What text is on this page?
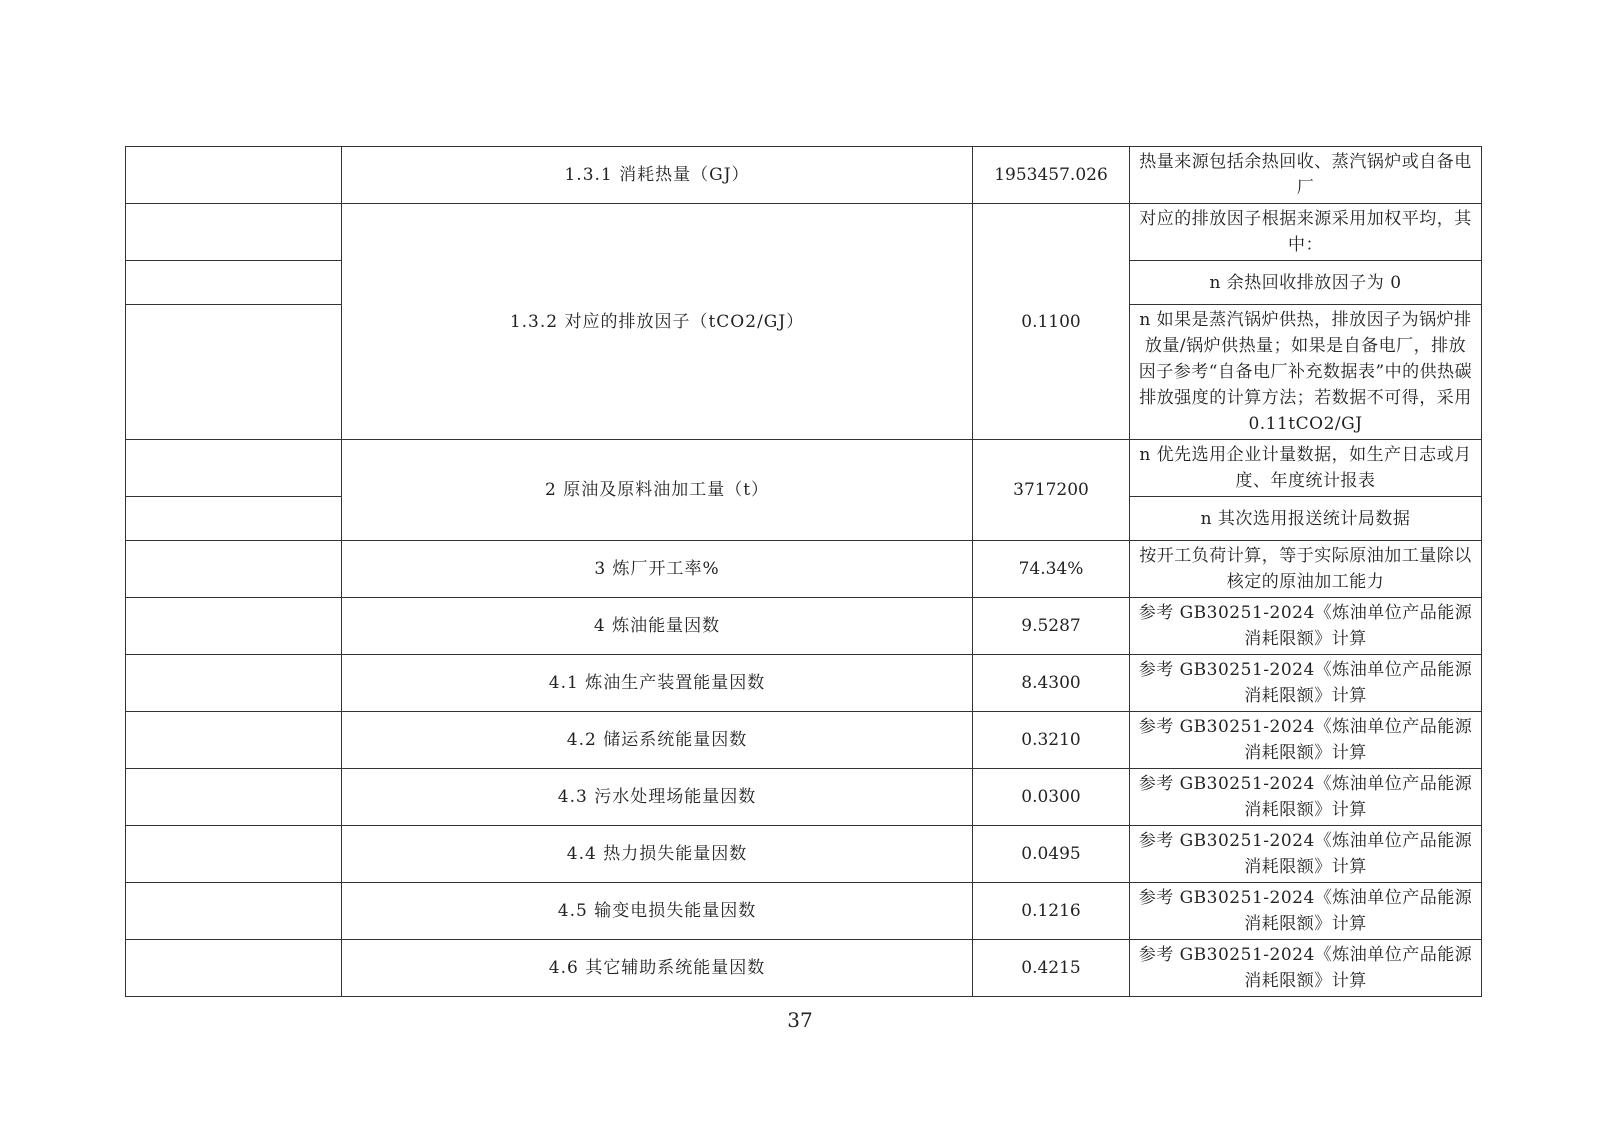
	1.3.1 消耗热量（GJ）	1953457.026	热量来源包括余热回收、蒸汽锅炉或自备电厂
	1.3.2 对应的排放因子（tCO2/GJ）	0.1100	对应的排放因子根据来源采用加权平均，其中：
			n 余热回收排放因子为 0
			n 如果是蒸汽锅炉供热，排放因子为锅炉排放量/锅炉供热量；如果是自备电厂，排放因子参考“自备电厂补充数据表”中的供热碳排放强度的计算方法；若数据不可得，采用 0.11tCO2/GJ
	2 原油及原料油加工量（t）	3717200	n 优先选用企业计量数据，如生产日志或月度、年度统计报表
			n 其次选用报送统计局数据
	3 炼厂开工率%	74.34%	按开工负荷计算，等于实际原油加工量除以核定的原油加工能力
	4 炼油能量因数	9.5287	参考 GB30251-2024《炼油单位产品能源消耗限额》计算
	4.1 炼油生产装置能量因数	8.4300	参考 GB30251-2024《炼油单位产品能源消耗限额》计算
	4.2 储运系统能量因数	0.3210	参考 GB30251-2024《炼油单位产品能源消耗限额》计算
	4.3 污水处理场能量因数	0.0300	参考 GB30251-2024《炼油单位产品能源消耗限额》计算
	4.4 热力损失能量因数	0.0495	参考 GB30251-2024《炼油单位产品能源消耗限额》计算
	4.5 输变电损失能量因数	0.1216	参考 GB30251-2024《炼油单位产品能源消耗限额》计算
	4.6 其它辅助系统能量因数	0.4215	参考 GB30251-2024《炼油单位产品能源消耗限额》计算
37
